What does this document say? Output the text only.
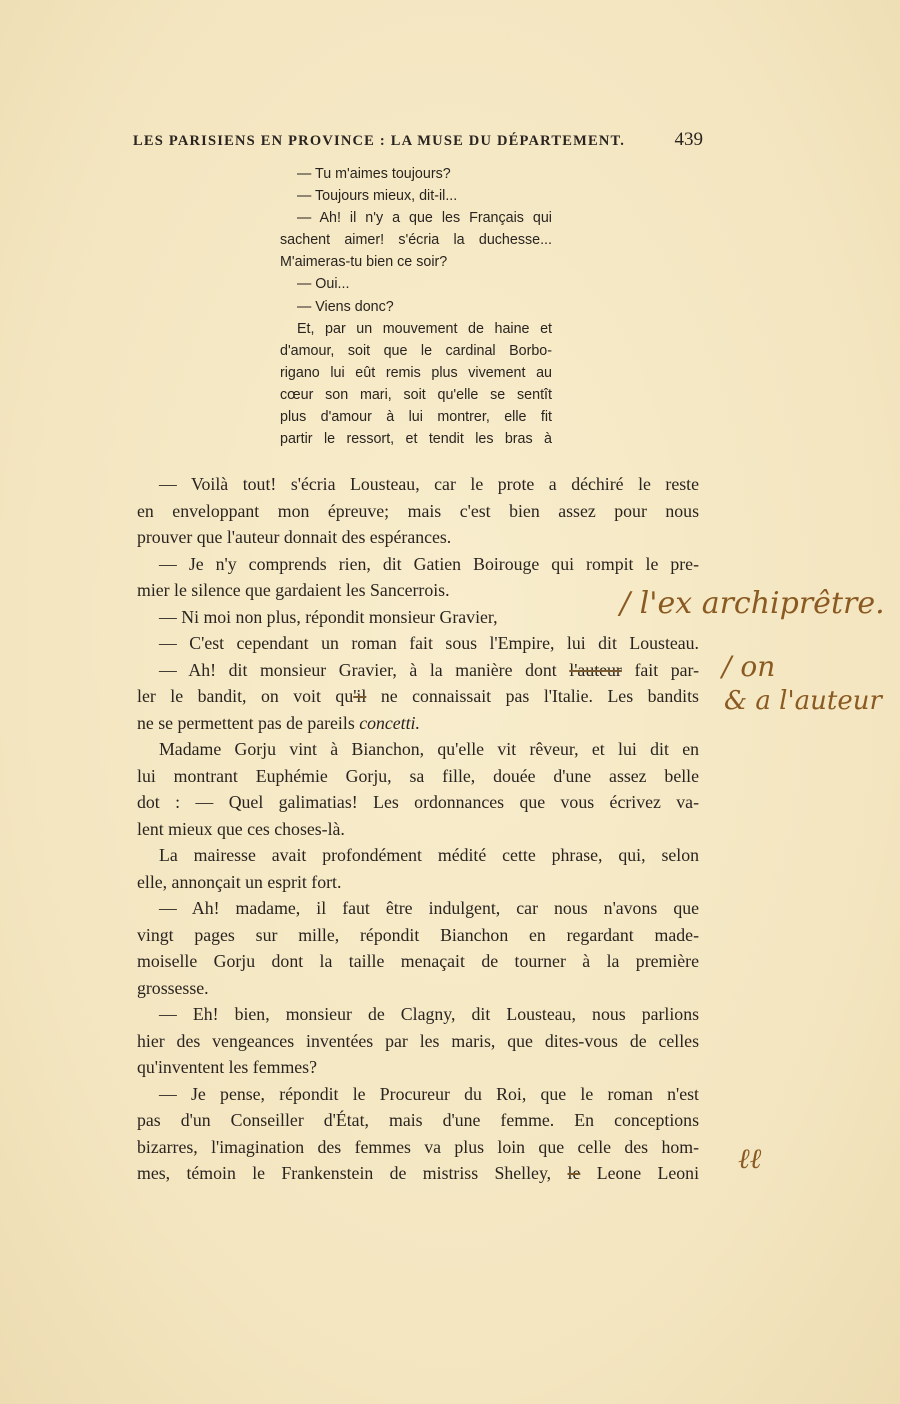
LES PARISIENS EN PROVINCE : LA MUSE DU DÉPARTEMENT.	439
— Tu m'aimes toujours?
— Toujours mieux, dit-il...
— Ah! il n'y a que les Français qui
sachent aimer! s'écria la duchesse...
M'aimeras-tu bien ce soir?
— Oui...
— Viens donc?
Et, par un mouvement de haine et
d'amour, soit que le cardinal Borbo-
rigano lui eût remis plus vivement au
cœur son mari, soit qu'elle se sentît
plus d'amour à lui montrer, elle fit
partir le ressort, et tendit les bras à
— Voilà tout! s'écria Lousteau, car le prote a déchiré le reste
en enveloppant mon épreuve; mais c'est bien assez pour nous
prouver que l'auteur donnait des espérances.
— Je n'y comprends rien, dit Gatien Boirouge qui rompit le pre-
mier le silence que gardaient les Sancerrois.
— Ni moi non plus, répondit monsieur Gravier,
— C'est cependant un roman fait sous l'Empire, lui dit Lousteau.
— Ah! dit monsieur Gravier, à la manière dont l'auteur fait par-
ler le bandit, on voit qu'il ne connaissait pas l'Italie. Les bandits
ne se permettent pas de pareils concetti.
Madame Gorju vint à Bianchon, qu'elle vit rêveur, et lui dit en
lui montrant Euphémie Gorju, sa fille, douée d'une assez belle
dot : — Quel galimatias! Les ordonnances que vous écrivez va-
lent mieux que ces choses-là.
La mairesse avait profondément médité cette phrase, qui, selon
elle, annonçait un esprit fort.
— Ah! madame, il faut être indulgent, car nous n'avons que
vingt pages sur mille, répondit Bianchon en regardant made-
moiselle Gorju dont la taille menaçait de tourner à la première
grossesse.
— Eh! bien, monsieur de Clagny, dit Lousteau, nous parlions
hier des vengeances inventées par les maris, que dites-vous de celles
qu'inventent les femmes?
— Je pense, répondit le Procureur du Roi, que le roman n'est
pas d'un Conseiller d'État, mais d'une femme. En conceptions
bizarres, l'imagination des femmes va plus loin que celle des hom-
mes, témoin le Frankenstein de mistriss Shelley, le Leone Leoni
/ l'ex archiprêtre.
/ on
& a l'auteur
ℓℓ
